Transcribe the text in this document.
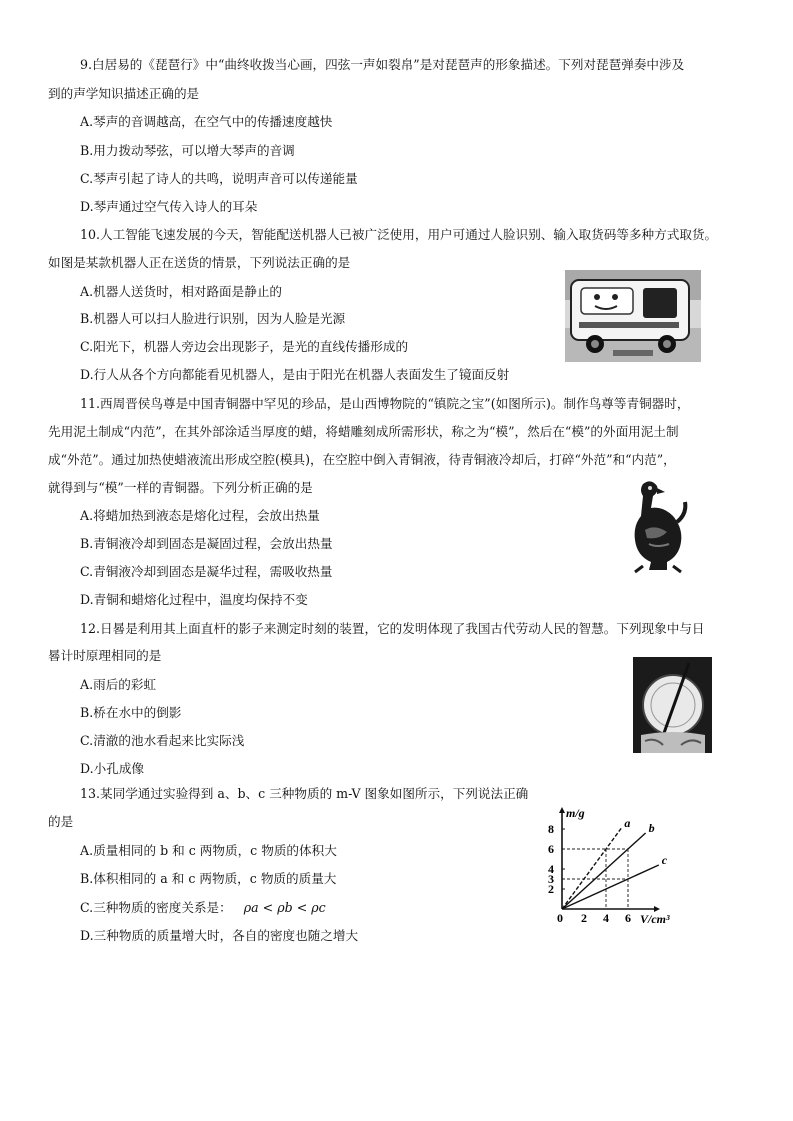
9.白居易的《琵琶行》中“曲终收拨当心画，四弦一声如裂帛”是对琵琶声的形象描述。下列对琵琶弹奏中涉及
到的声学知识描述正确的是
A.琴声的音调越高，在空气中的传播速度越快
B.用力拨动琴弦，可以增大琴声的音调
C.琴声引起了诗人的共鸣，说明声音可以传递能量
D.琴声通过空气传入诗人的耳朵
10.人工智能飞速发展的今天，智能配送机器人已被广泛使用，用户可通过人脸识别、输入取货码等多种方式取货。
如图是某款机器人正在送货的情景，下列说法正确的是
A.机器人送货时，相对路面是静止的
B.机器人可以扫人脸进行识别，因为人脸是光源
C.阳光下，机器人旁边会出现影子，是光的直线传播形成的
D.行人从各个方向都能看见机器人，是由于阳光在机器人表面发生了镜面反射
11.西周晋侯鸟尊是中国青铜器中罕见的珍品，是山西博物院的“镇院之宝”(如图所示)。制作鸟尊等青铜器时，
先用泥土制成“内范”，在其外部涂适当厚度的蜡，将蜡雕刻成所需形状，称之为“模”，然后在“模”的外面用泥土制
成“外范”。通过加热使蜡液流出形成空腔(模具)，在空腔中倒入青铜液，待青铜液冷却后，打碎“外范”和“内范”，
就得到与“模”一样的青铜器。下列分析正确的是
A.将蜡加热到液态是熔化过程，会放出热量
B.青铜液冷却到固态是凝固过程，会放出热量
C.青铜液冷却到固态是凝华过程，需吸收热量
D.青铜和蜡熔化过程中，温度均保持不变
12.日晷是利用其上面直杆的影子来测定时刻的装置，它的发明体现了我国古代劳动人民的智慧。下列现象中与日
晷计时原理相同的是
A.雨后的彩虹
B.桥在水中的倒影
C.清澈的池水看起来比实际浅
D.小孔成像
13.某同学通过实验得到 a、b、c 三种物质的 m-V 图象如图所示，下列说法正确
的是
A.质量相同的 b 和 c 两物质，c 物质的体积大
B.体积相同的 a 和 c 两物质，c 物质的质量大
C.三种物质的密度关系是： ρa < ρb < ρc
D.三种物质的质量增大时，各自的密度也随之增大
0 2 4 6
2
3
4
6
8
m/g
V/cm³
a b
c
